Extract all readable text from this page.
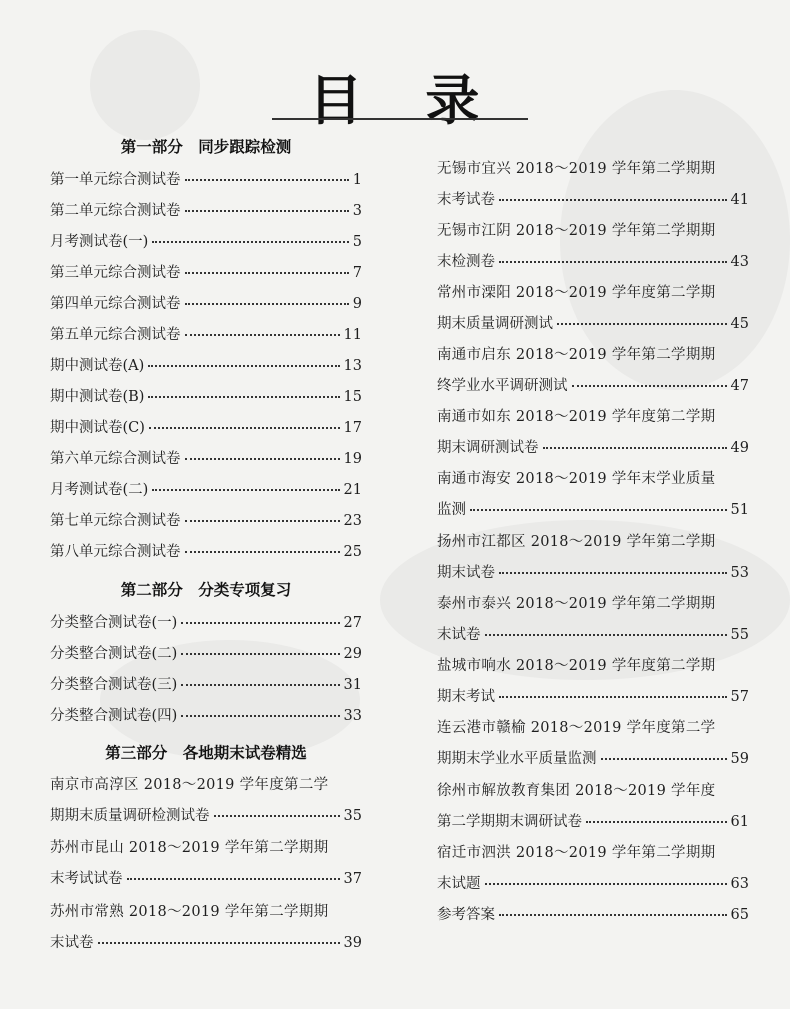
目 录
第一部分　同步跟踪检测
第一单元综合测试卷	1
第二单元综合测试卷	3
月考测试卷(一)	5
第三单元综合测试卷	7
第四单元综合测试卷	9
第五单元综合测试卷	11
期中测试卷(A)	13
期中测试卷(B)	15
期中测试卷(C)	17
第六单元综合测试卷	19
月考测试卷(二)	21
第七单元综合测试卷	23
第八单元综合测试卷	25
第二部分　分类专项复习
分类整合测试卷(一)	27
分类整合测试卷(二)	29
分类整合测试卷(三)	31
分类整合测试卷(四)	33
第三部分　各地期末试卷精选
南京市高淳区 2018～2019 学年度第二学
期期末质量调研检测试卷	35
苏州市昆山 2018～2019 学年第二学期期
末考试试卷	37
苏州市常熟 2018～2019 学年第二学期期
末试卷	39
无锡市宜兴 2018～2019 学年第二学期期
末考试卷	41
无锡市江阴 2018～2019 学年第二学期期
末检测卷	43
常州市溧阳 2018～2019 学年度第二学期
期末质量调研测试	45
南通市启东 2018～2019 学年第二学期期
终学业水平调研测试	47
南通市如东 2018～2019 学年度第二学期
期末调研测试卷	49
南通市海安 2018～2019 学年末学业质量
监测	51
扬州市江都区 2018～2019 学年第二学期
期末试卷	53
泰州市泰兴 2018～2019 学年第二学期期
末试卷	55
盐城市响水 2018～2019 学年度第二学期
期末考试	57
连云港市赣榆 2018～2019 学年度第二学
期期末学业水平质量监测	59
徐州市解放教育集团 2018～2019 学年度
第二学期期末调研试卷	61
宿迁市泗洪 2018～2019 学年第二学期期
末试题	63
参考答案	65
